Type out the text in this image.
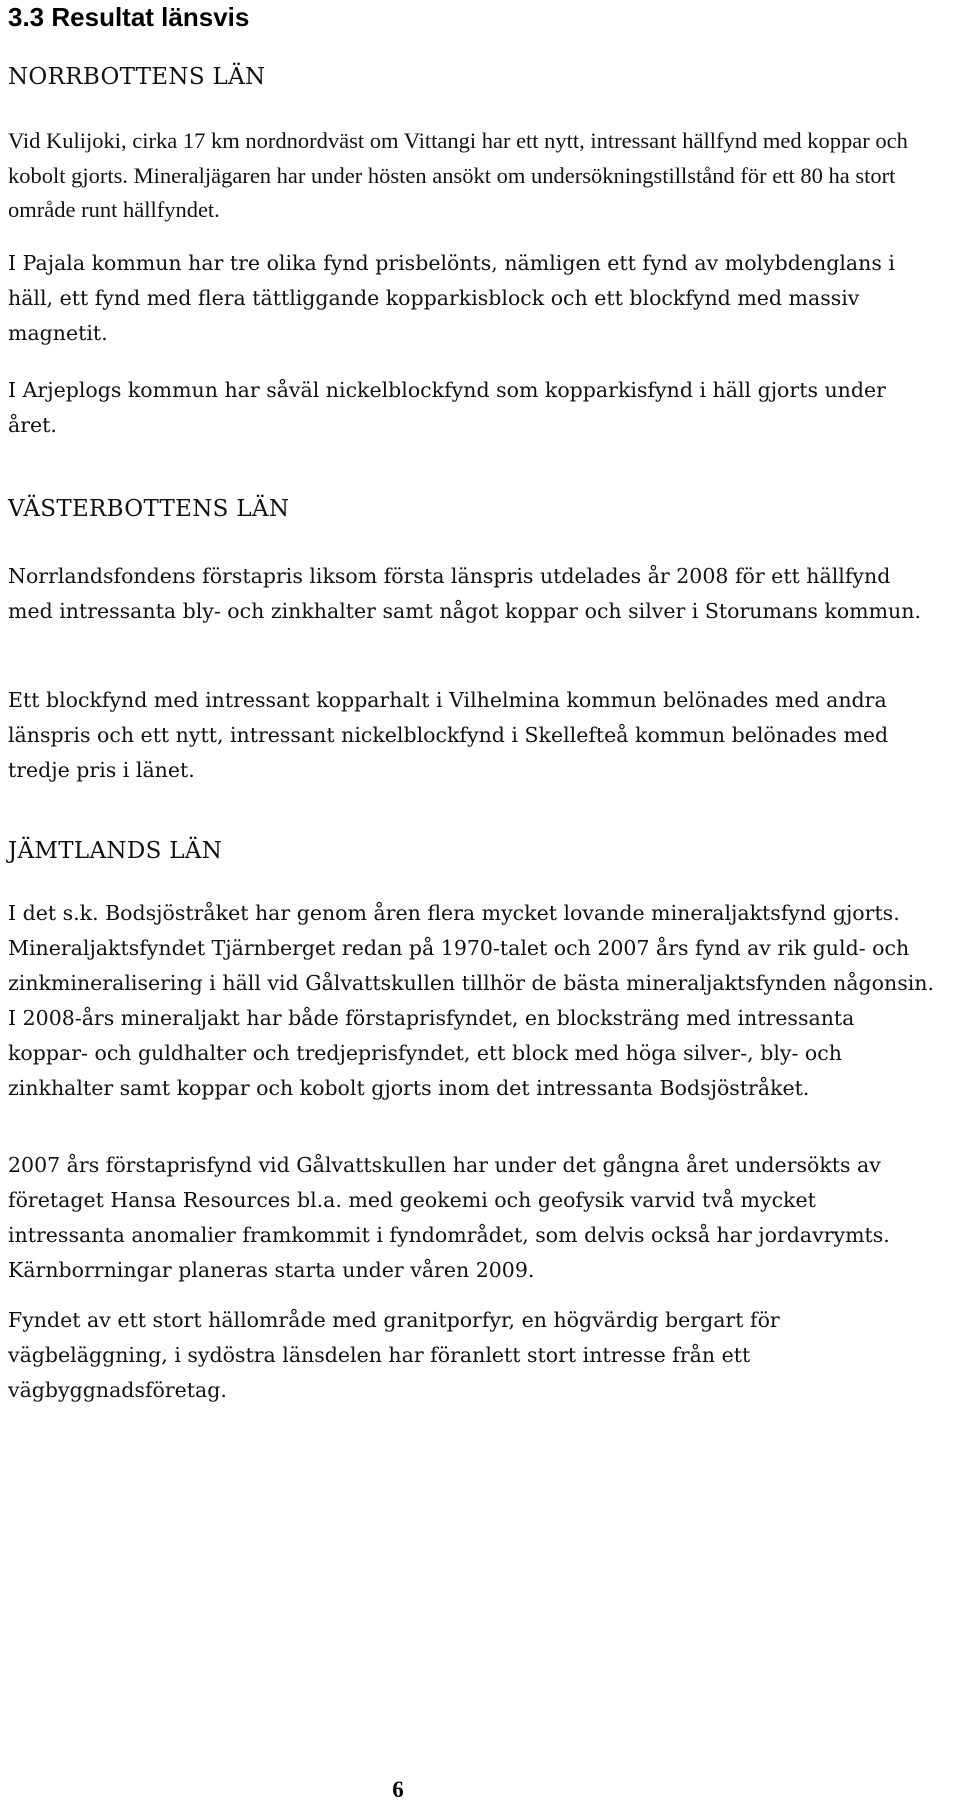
3.3 Resultat länsvis
NORRBOTTENS LÄN

Vid Kulijoki, cirka 17 km nordnordväst om Vittangi har ett nytt, intressant hällfynd med koppar och kobolt gjorts. Mineraljägaren har under hösten ansökt om undersökningstillstånd för ett 80 ha stort område runt hällfyndet.

I Pajala kommun har tre olika fynd prisbelönts, nämligen ett fynd av molybdenglans i häll, ett fynd med flera tättliggande kopparkisblock och ett blockfynd med massiv magnetit.

I Arjeplogs kommun har såväl nickelblockfynd som kopparkisfynd i häll gjorts under året.

VÄSTERBOTTENS LÄN

Norrlandsfondens förstapris liksom första länspris utdelades år 2008 för ett hällfynd med intressanta bly- och zinkhalter samt något koppar och silver i Storumans kommun.

Ett blockfynd med intressant kopparhalt i Vilhelmina kommun belönades med andra länspris och ett nytt, intressant nickelblockfynd i Skellefteå kommun belönades med tredje pris i länet.

JÄMTLANDS LÄN

I det s.k. Bodsjöstråket har genom åren flera mycket lovande mineraljaktsfynd gjorts. Mineraljaktsfyndet Tjärnberget redan på 1970-talet och 2007 års fynd av rik guld- och zinkmineralisering i häll vid Gålvattskullen tillhör de bästa mineraljaktsfynden någonsin. I 2008-års mineraljakt har både förstaprisfyndet, en blocksträng med intressanta koppar- och guldhalter och tredjeprisfyndet, ett block med höga silver-, bly- och zinkhalter samt koppar och kobolt gjorts inom det intressanta Bodsjöstråket.

2007 års förstaprisfynd vid Gålvattskullen har under det gångna året undersökts av företaget Hansa Resources bl.a. med geokemi och geofysik varvid två mycket intressanta anomalier framkommit i fyndområdet, som delvis också har jordavrymts. Kärnborrningar planeras starta under våren 2009.

Fyndet av ett stort hällområde med granitporfyr, en högvärdig bergart för vägbeläggning, i sydöstra länsdelen har föranlett stort intresse från ett vägbyggnadsföretag.

6
